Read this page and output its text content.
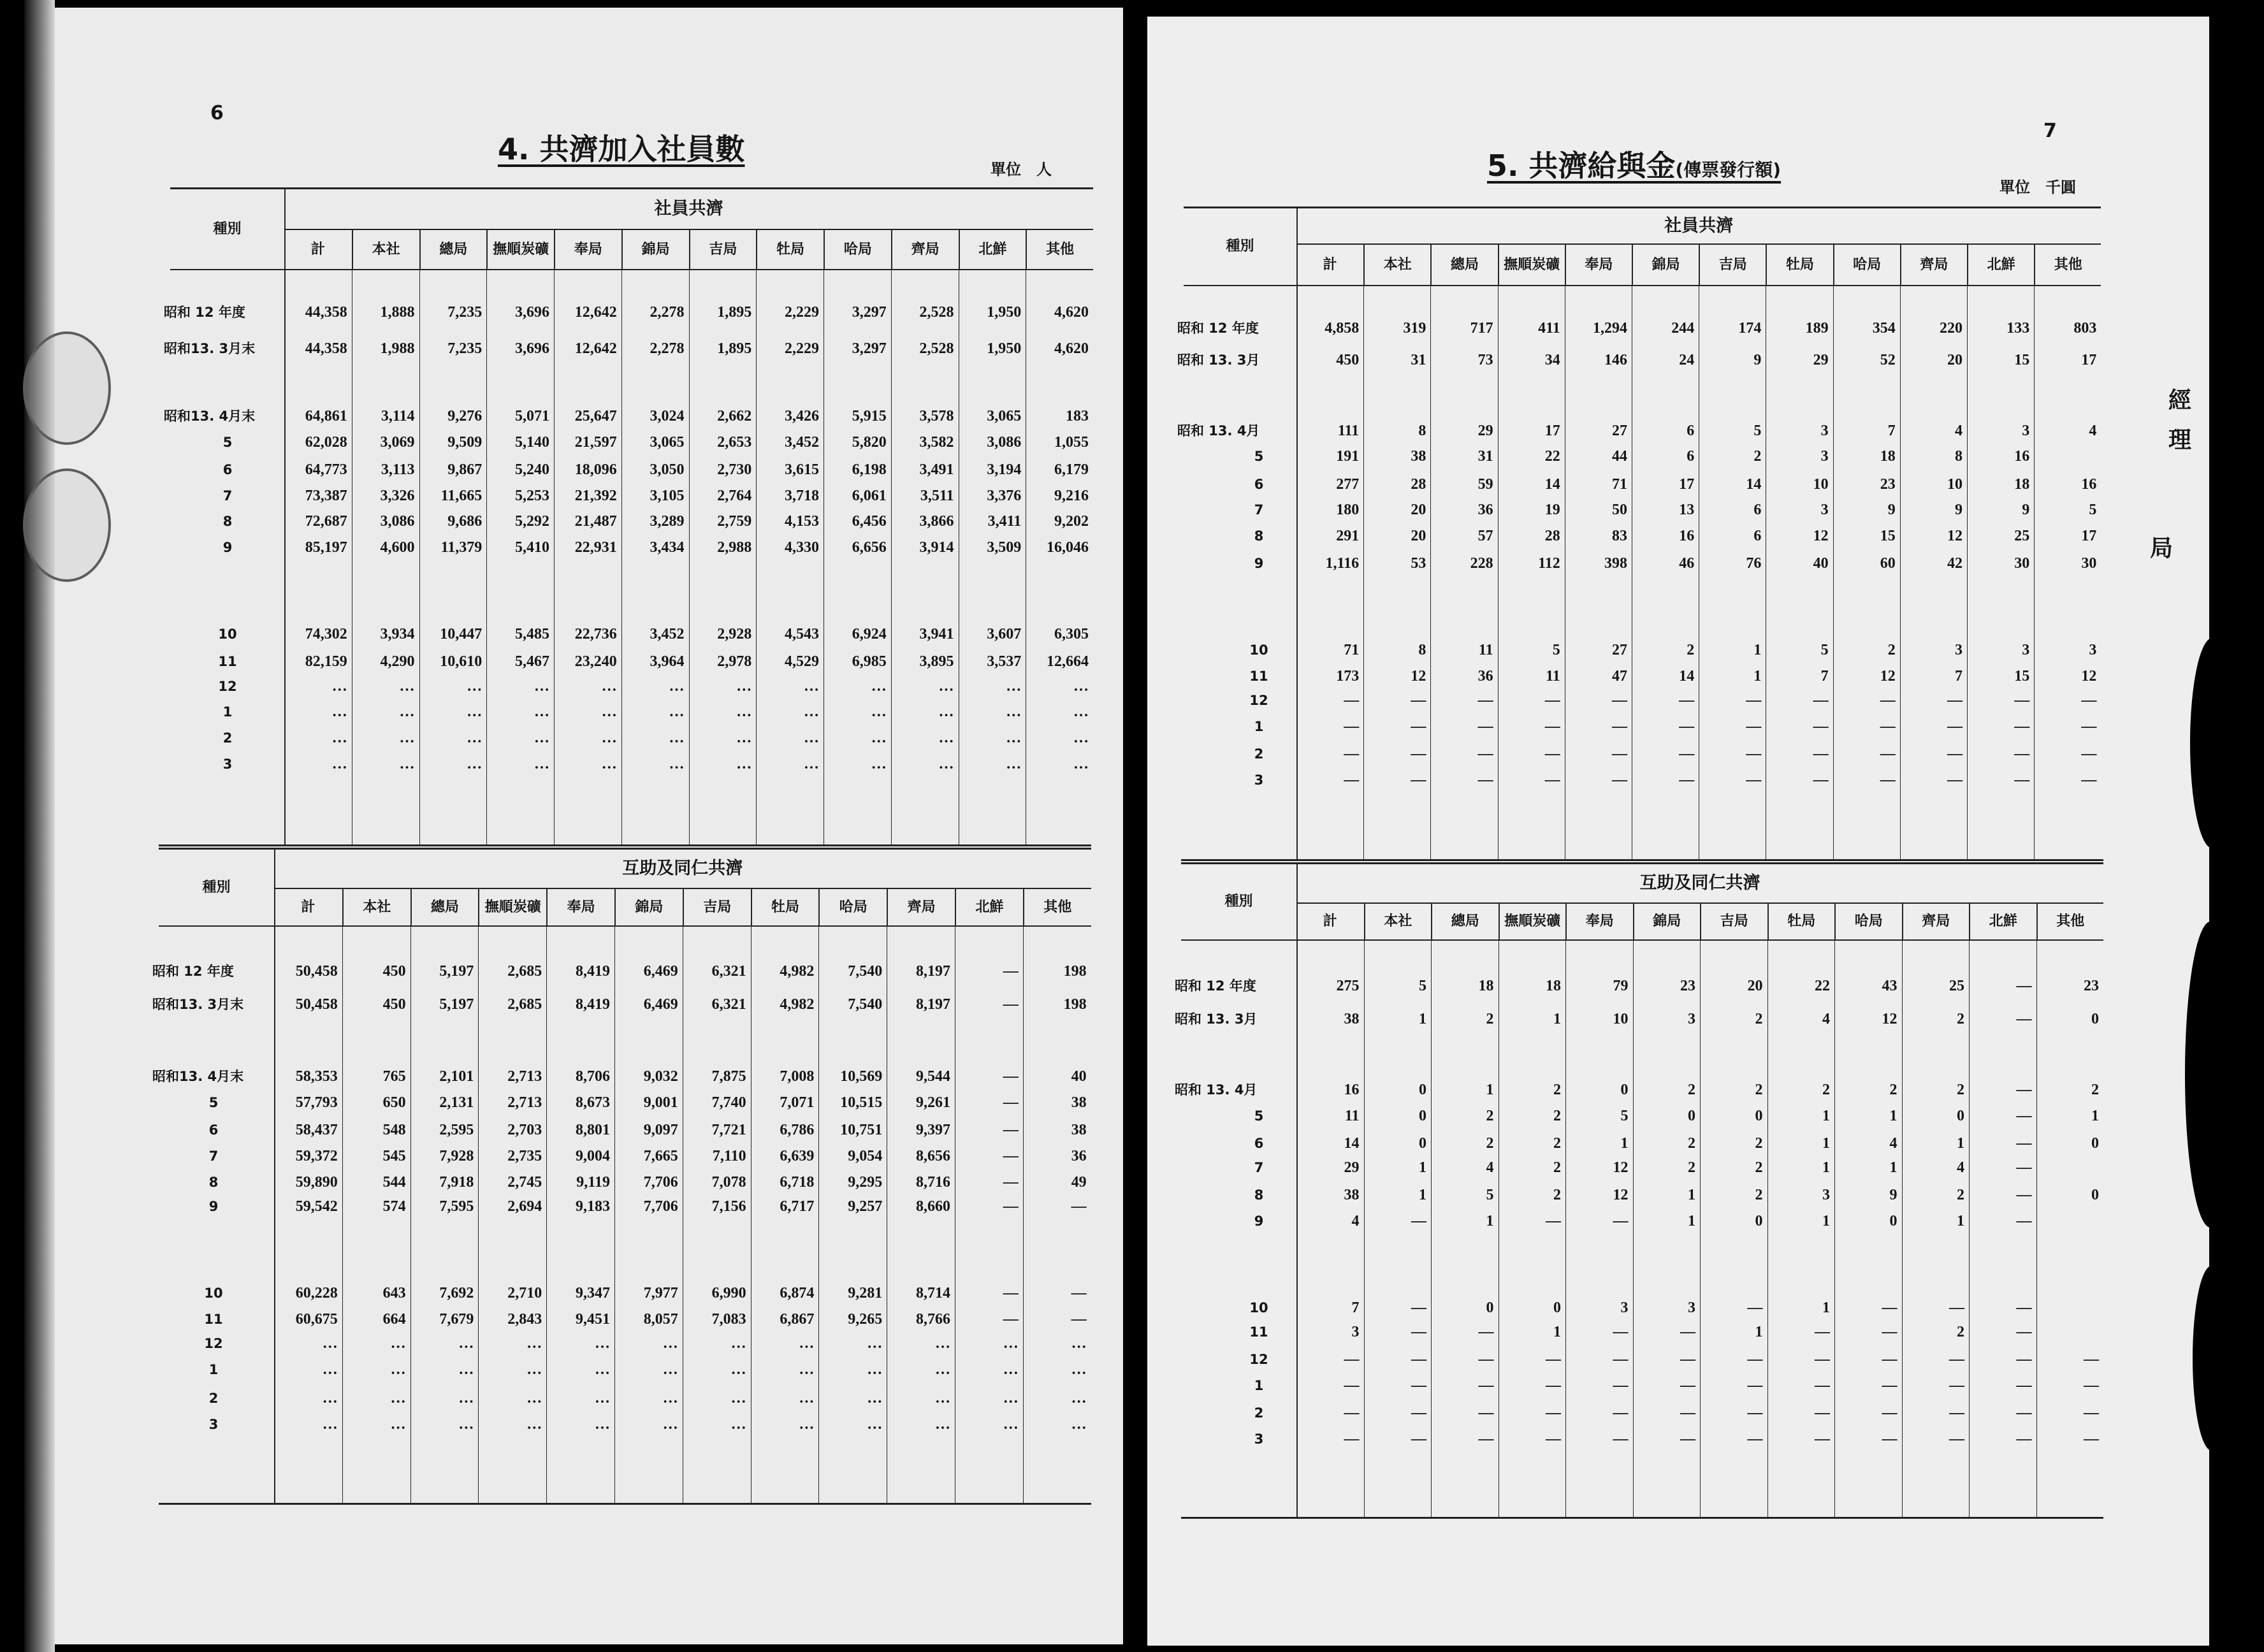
6
4. 共濟加入社員數
單位　人
種別
社員共濟
計	本社	總局	撫順炭礦	奉局	錦局	吉局	牡局	哈局	齊局	北鮮	其他
昭和 12 年度	44,358	1,888	7,235	3,696	12,642	2,278	1,895	2,229	3,297	2,528	1,950	4,620
昭和13. 3月末	44,358	1,988	7,235	3,696	12,642	2,278	1,895	2,229	3,297	2,528	1,950	4,620
昭和13. 4月末	64,861	3,114	9,276	5,071	25,647	3,024	2,662	3,426	5,915	3,578	3,065	183
5	62,028	3,069	9,509	5,140	21,597	3,065	2,653	3,452	5,820	3,582	3,086	1,055
6	64,773	3,113	9,867	5,240	18,096	3,050	2,730	3,615	6,198	3,491	3,194	6,179
7	73,387	3,326	11,665	5,253	21,392	3,105	2,764	3,718	6,061	3,511	3,376	9,216
8	72,687	3,086	9,686	5,292	21,487	3,289	2,759	4,153	6,456	3,866	3,411	9,202
9	85,197	4,600	11,379	5,410	22,931	3,434	2,988	4,330	6,656	3,914	3,509	16,046
10	74,302	3,934	10,447	5,485	22,736	3,452	2,928	4,543	6,924	3,941	3,607	6,305
11	82,159	4,290	10,610	5,467	23,240	3,964	2,978	4,529	6,985	3,895	3,537	12,664
12	…	…	…	…	…	…	…	…	…	…	…	…
1	…	…	…	…	…	…	…	…	…	…	…	…
2	…	…	…	…	…	…	…	…	…	…	…	…
3	…	…	…	…	…	…	…	…	…	…	…	…
種別
互助及同仁共濟
計	本社	總局	撫順炭礦	奉局	錦局	吉局	牡局	哈局	齊局	北鮮	其他
昭和 12 年度	50,458	450	5,197	2,685	8,419	6,469	6,321	4,982	7,540	8,197	—	198
昭和13. 3月末	50,458	450	5,197	2,685	8,419	6,469	6,321	4,982	7,540	8,197	—	198
昭和13. 4月末	58,353	765	2,101	2,713	8,706	9,032	7,875	7,008	10,569	9,544	—	40
5	57,793	650	2,131	2,713	8,673	9,001	7,740	7,071	10,515	9,261	—	38
6	58,437	548	2,595	2,703	8,801	9,097	7,721	6,786	10,751	9,397	—	38
7	59,372	545	7,928	2,735	9,004	7,665	7,110	6,639	9,054	8,656	—	36
8	59,890	544	7,918	2,745	9,119	7,706	7,078	6,718	9,295	8,716	—	49
9	59,542	574	7,595	2,694	9,183	7,706	7,156	6,717	9,257	8,660	—	—
10	60,228	643	7,692	2,710	9,347	7,977	6,990	6,874	9,281	8,714	—	—
11	60,675	664	7,679	2,843	9,451	8,057	7,083	6,867	9,265	8,766	—	—
12	…	…	…	…	…	…	…	…	…	…	…	…
1	…	…	…	…	…	…	…	…	…	…	…	…
2	…	…	…	…	…	…	…	…	…	…	…	…
3	…	…	…	…	…	…	…	…	…	…	…	…
7
5. 共濟給與金(傳票發行額)
單位　千圓
經
理
局
種別
社員共濟
計	本社	總局	撫順炭礦	奉局	錦局	吉局	牡局	哈局	齊局	北鮮	其他
昭和 12 年度	4,858	319	717	411	1,294	244	174	189	354	220	133	803
昭和 13. 3月	450	31	73	34	146	24	9	29	52	20	15	17
昭和 13. 4月	111	8	29	17	27	6	5	3	7	4	3	4
5	191	38	31	22	44	6	2	3	18	8	16
6	277	28	59	14	71	17	14	10	23	10	18	16
7	180	20	36	19	50	13	6	3	9	9	9	5
8	291	20	57	28	83	16	6	12	15	12	25	17
9	1,116	53	228	112	398	46	76	40	60	42	30	30
10	71	8	11	5	27	2	1	5	2	3	3	3
11	173	12	36	11	47	14	1	7	12	7	15	12
12	—	—	—	—	—	—	—	—	—	—	—	—
1	—	—	—	—	—	—	—	—	—	—	—	—
2	—	—	—	—	—	—	—	—	—	—	—	—
3	—	—	—	—	—	—	—	—	—	—	—	—
種別
互助及同仁共濟
計	本社	總局	撫順炭礦	奉局	錦局	吉局	牡局	哈局	齊局	北鮮	其他
昭和 12 年度	275	5	18	18	79	23	20	22	43	25	—	23
昭和 13. 3月	38	1	2	1	10	3	2	4	12	2	—	0
昭和 13. 4月	16	0	1	2	0	2	2	2	2	2	—	2
5	11	0	2	2	5	0	0	1	1	0	—	1
6	14	0	2	2	1	2	2	1	4	1	—	0
7	29	1	4	2	12	2	2	1	1	4	—
8	38	1	5	2	12	1	2	3	9	2	—	0
9	4	—	1	—	—	1	0	1	0	1	—
10	7	—	0	0	3	3	—	1	—	—	—
11	3	—	—	1	—	—	1	—	—	2	—
12	—	—	—	—	—	—	—	—	—	—	—	—
1	—	—	—	—	—	—	—	—	—	—	—	—
2	—	—	—	—	—	—	—	—	—	—	—	—
3	—	—	—	—	—	—	—	—	—	—	—	—
